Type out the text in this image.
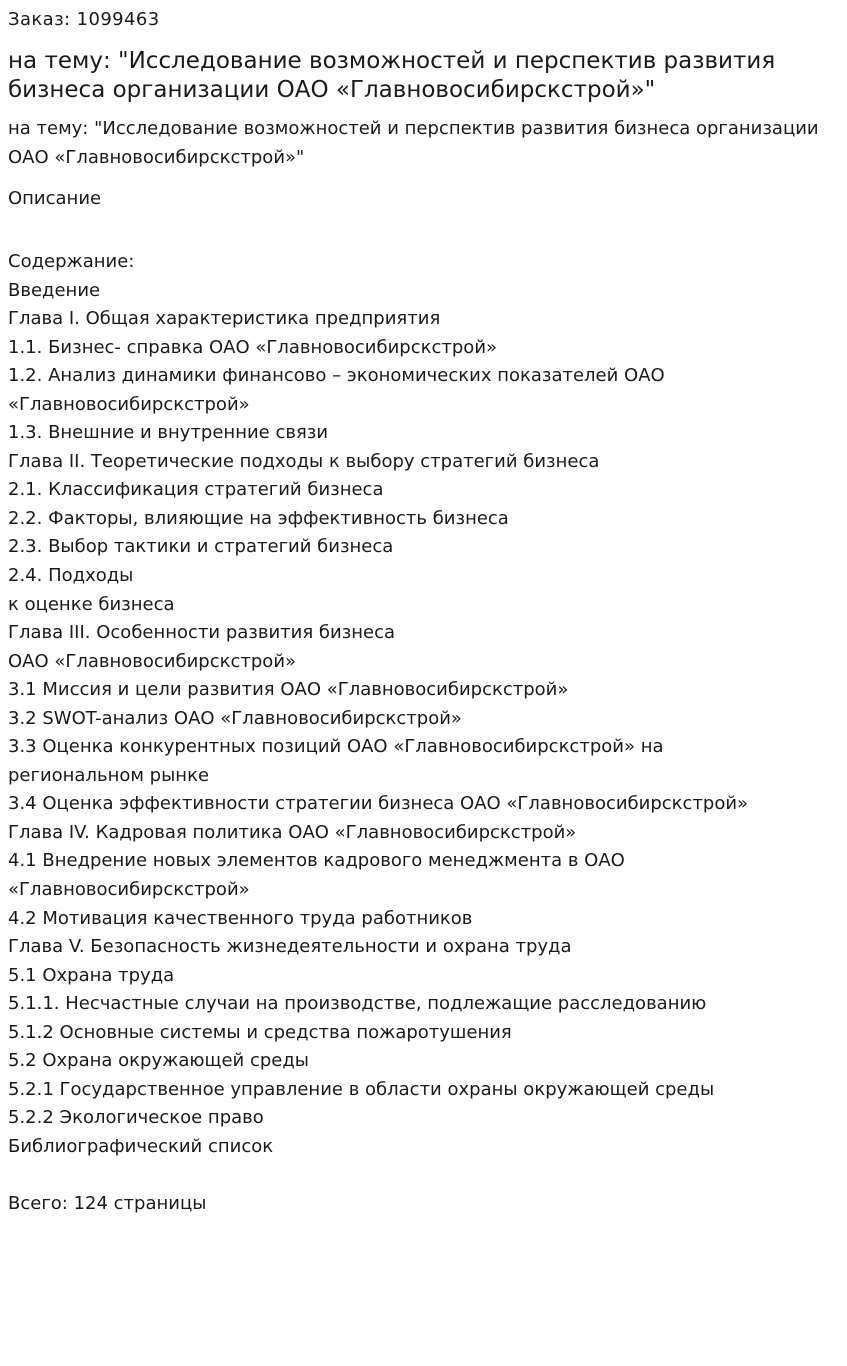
Заказ: 1099463
на тему: "Исследование возможностей и перспектив развития бизнеса организации ОАО «Главновосибирскстрой»"

на тему: "Исследование возможностей и перспектив развития бизнеса организации ОАО «Главновосибирскстрой»"

Описание
Содержание:
Введение
Глава I. Общая характеристика предприятия
1.1. Бизнес- справка ОАО «Главновосибирскстрой»
1.2. Анализ динамики финансово – экономических показателей ОАО
«Главновосибирскстрой»
1.3. Внешние и внутренние связи
Глава II. Теоретические подходы к выбору стратегий бизнеса
2.1. Классификация стратегий бизнеса
2.2. Факторы, влияющие на эффективность бизнеса
2.3. Выбор тактики и стратегий бизнеса
2.4. Подходы
к оценке бизнеса
Глава III. Особенности развития бизнеса
ОАО «Главновосибирскстрой»
3.1 Миссия и цели развития ОАО «Главновосибирскстрой»
3.2 SWOT-анализ ОАО «Главновосибирскстрой»
3.3 Оценка конкурентных позиций ОАО «Главновосибирскстрой» на
региональном рынке
3.4 Оценка эффективности стратегии бизнеса ОАО «Главновосибирскстрой»
Глава IV. Кадровая политика ОАО «Главновосибирскстрой»
4.1 Внедрение новых элементов кадрового менеджмента в ОАО
«Главновосибирскстрой»
4.2 Мотивация качественного труда работников
Глава V. Безопасность жизнедеятельности и охрана труда
5.1 Охрана труда
5.1.1. Несчастные случаи на производстве, подлежащие расследованию
5.1.2 Основные системы и средства пожаротушения
5.2 Охрана окружающей среды
5.2.1 Государственное управление в области охраны окружающей среды
5.2.2 Экологическое право
Библиографический список
Всего: 124 страницы
